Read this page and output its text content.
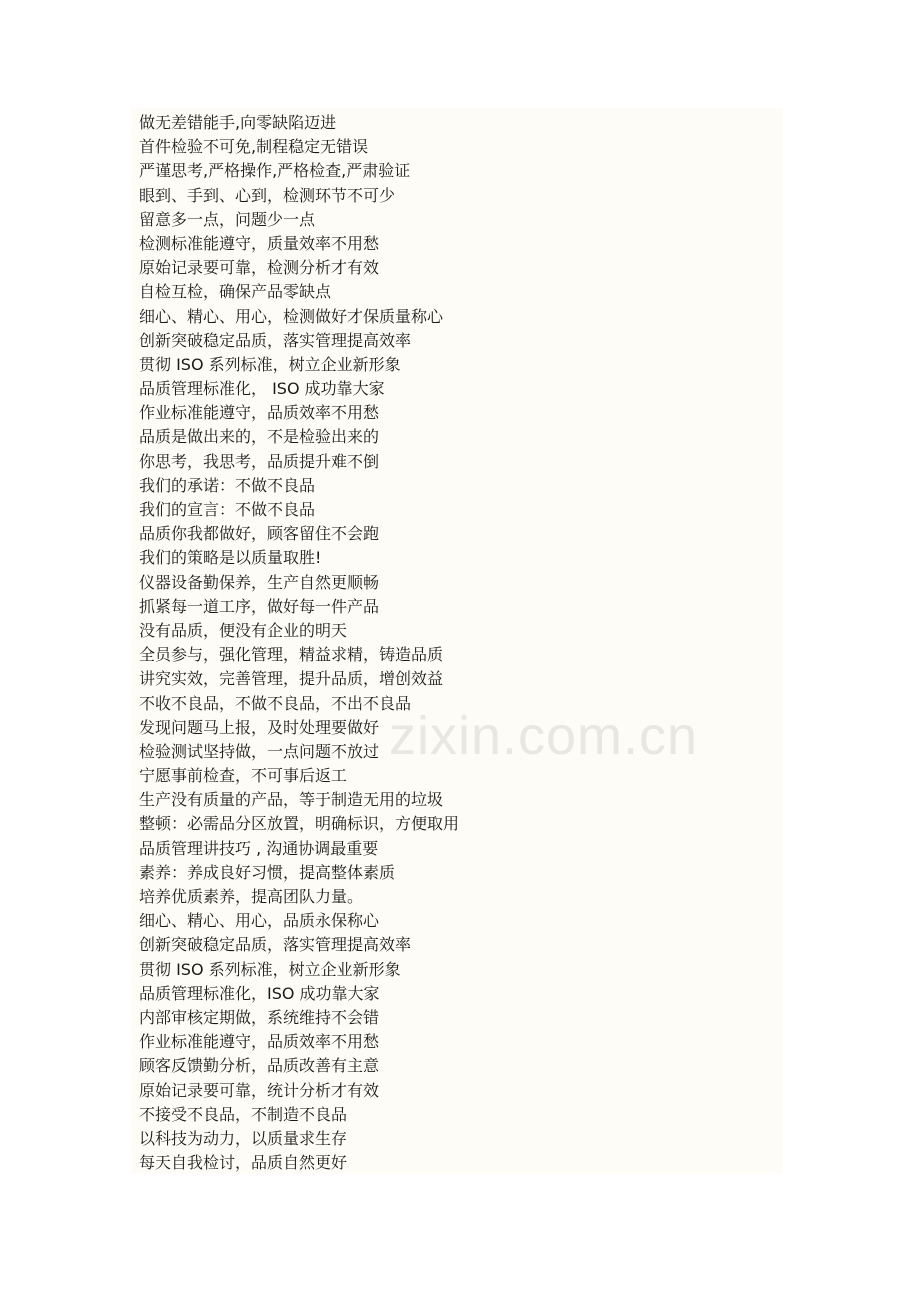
做无差错能手,向零缺陷迈进
首件检验不可免,制程稳定无错误
严谨思考,严格操作,严格检查,严肃验证
眼到、手到、心到，检测环节不可少
留意多一点，问题少一点
检测标准能遵守，质量效率不用愁
原始记录要可靠，检测分析才有效
自检互检，确保产品零缺点
细心、精心、用心，检测做好才保质量称心
创新突破稳定品质，落实管理提高效率
贯彻 ISO 系列标准，树立企业新形象
品质管理标准化， ISO 成功靠大家
作业标准能遵守，品质效率不用愁
品质是做出来的，不是检验出来的
你思考，我思考，品质提升难不倒
我们的承诺：不做不良品
我们的宣言：不做不良品
品质你我都做好，顾客留住不会跑
我们的策略是以质量取胜!
仪器设备勤保养，生产自然更顺畅
抓紧每一道工序，做好每一件产品
没有品质，便没有企业的明天
全员参与，强化管理，精益求精，铸造品质
讲究实效，完善管理，提升品质，增创效益
不收不良品，不做不良品，不出不良品
发现问题马上报，及时处理要做好
检验测试坚持做，一点问题不放过
宁愿事前检查，不可事后返工
生产没有质量的产品，等于制造无用的垃圾
整顿：必需品分区放置，明确标识，方便取用
品质管理讲技巧 , 沟通协调最重要
素养：养成良好习惯，提高整体素质
培养优质素养，提高团队力量。
细心、精心、用心，品质永保称心
创新突破稳定品质，落实管理提高效率
贯彻 ISO 系列标准，树立企业新形象
品质管理标准化，ISO 成功靠大家
内部审核定期做，系统维持不会错
作业标准能遵守，品质效率不用愁
顾客反馈勤分析，品质改善有主意
原始记录要可靠，统计分析才有效
不接受不良品，不制造不良品
以科技为动力，以质量求生存
每天自我检讨，品质自然更好
zixin.com.cn
